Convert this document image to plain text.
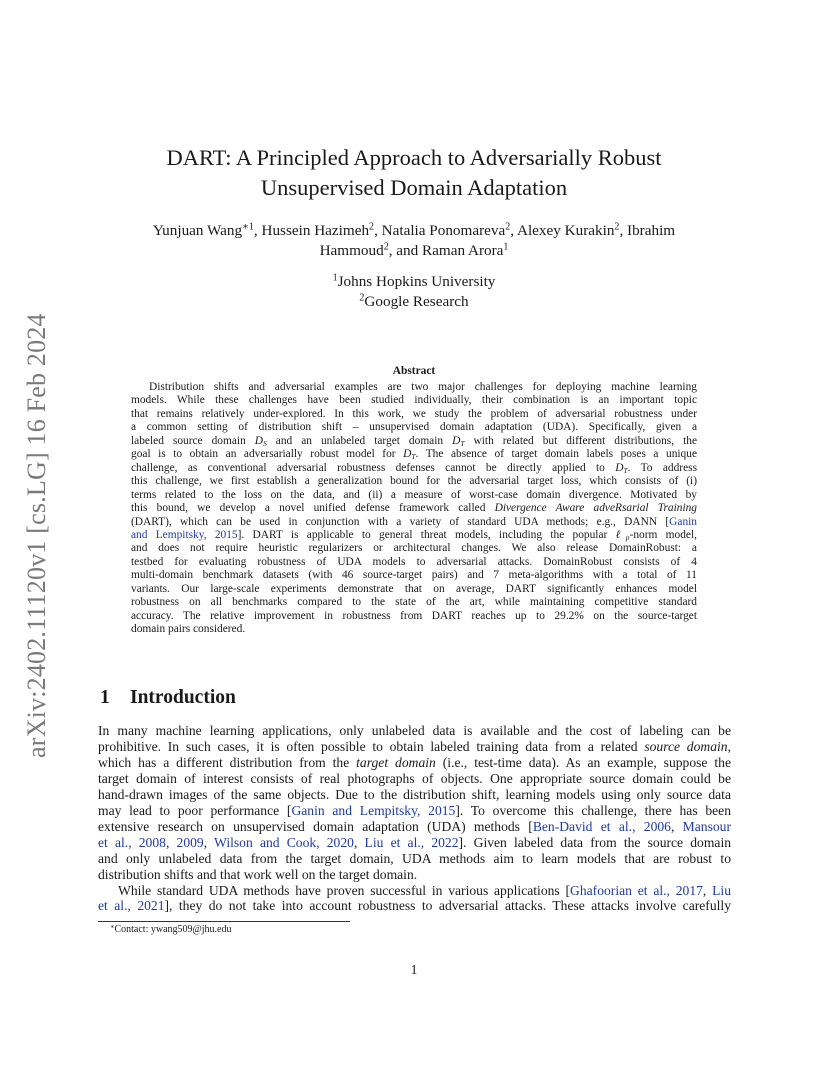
arXiv:2402.11120v1 [cs.LG] 16 Feb 2024
DART: A Principled Approach to Adversarially Robust
Unsupervised Domain Adaptation
Yunjuan Wang$^{∗1}$, Hussein Hazimeh$^2$, Natalia Ponomareva$^2$, Alexey Kurakin$^2$, Ibrahim
Hammoud$^2$, and Raman Arora$^1$
$^1$Johns Hopkins University
$^2$Google Research
Abstract
Distribution shifts and adversarial examples are two major challenges for deploying machine learning
models. While these challenges have been studied individually, their combination is an important topic
that remains relatively under-explored. In this work, we study the problem of adversarial robustness under
a common setting of distribution shift – unsupervised domain adaptation (UDA). Specifically, given a
labeled source domain $D_S$ and an unlabeled target domain $D_T$ with related but different distributions, the
goal is to obtain an adversarially robust model for $D_T$. The absence of target domain labels poses a unique
challenge, as conventional adversarial robustness defenses cannot be directly applied to $D_T$. To address
this challenge, we first establish a generalization bound for the adversarial target loss, which consists of (i)
terms related to the loss on the data, and (ii) a measure of worst-case domain divergence. Motivated by
this bound, we develop a novel unified defense framework called Divergence Aware adveRsarial Training
(DART), which can be used in conjunction with a variety of standard UDA methods; e.g., DANN [Ganin
and Lempitsky, 2015]. DART is applicable to general threat models, including the popular ℓ$_p$-norm model,
and does not require heuristic regularizers or architectural changes. We also release DomainRobust: a
testbed for evaluating robustness of UDA models to adversarial attacks. DomainRobust consists of 4
multi-domain benchmark datasets (with 46 source-target pairs) and 7 meta-algorithms with a total of 11
variants. Our large-scale experiments demonstrate that on average, DART significantly enhances model
robustness on all benchmarks compared to the state of the art, while maintaining competitive standard
accuracy. The relative improvement in robustness from DART reaches up to 29.2% on the source-target
domain pairs considered.
1 Introduction
In many machine learning applications, only unlabeled data is available and the cost of labeling can be
prohibitive. In such cases, it is often possible to obtain labeled training data from a related source domain,
which has a different distribution from the target domain (i.e., test-time data). As an example, suppose the
target domain of interest consists of real photographs of objects. One appropriate source domain could be
hand-drawn images of the same objects. Due to the distribution shift, learning models using only source data
may lead to poor performance [Ganin and Lempitsky, 2015]. To overcome this challenge, there has been
extensive research on unsupervised domain adaptation (UDA) methods [Ben-David et al., 2006, Mansour
et al., 2008, 2009, Wilson and Cook, 2020, Liu et al., 2022]. Given labeled data from the source domain
and only unlabeled data from the target domain, UDA methods aim to learn models that are robust to
distribution shifts and that work well on the target domain.
While standard UDA methods have proven successful in various applications [Ghafoorian et al., 2017, Liu
et al., 2021], they do not take into account robustness to adversarial attacks. These attacks involve carefully
∗Contact: ywang509@jhu.edu
1
